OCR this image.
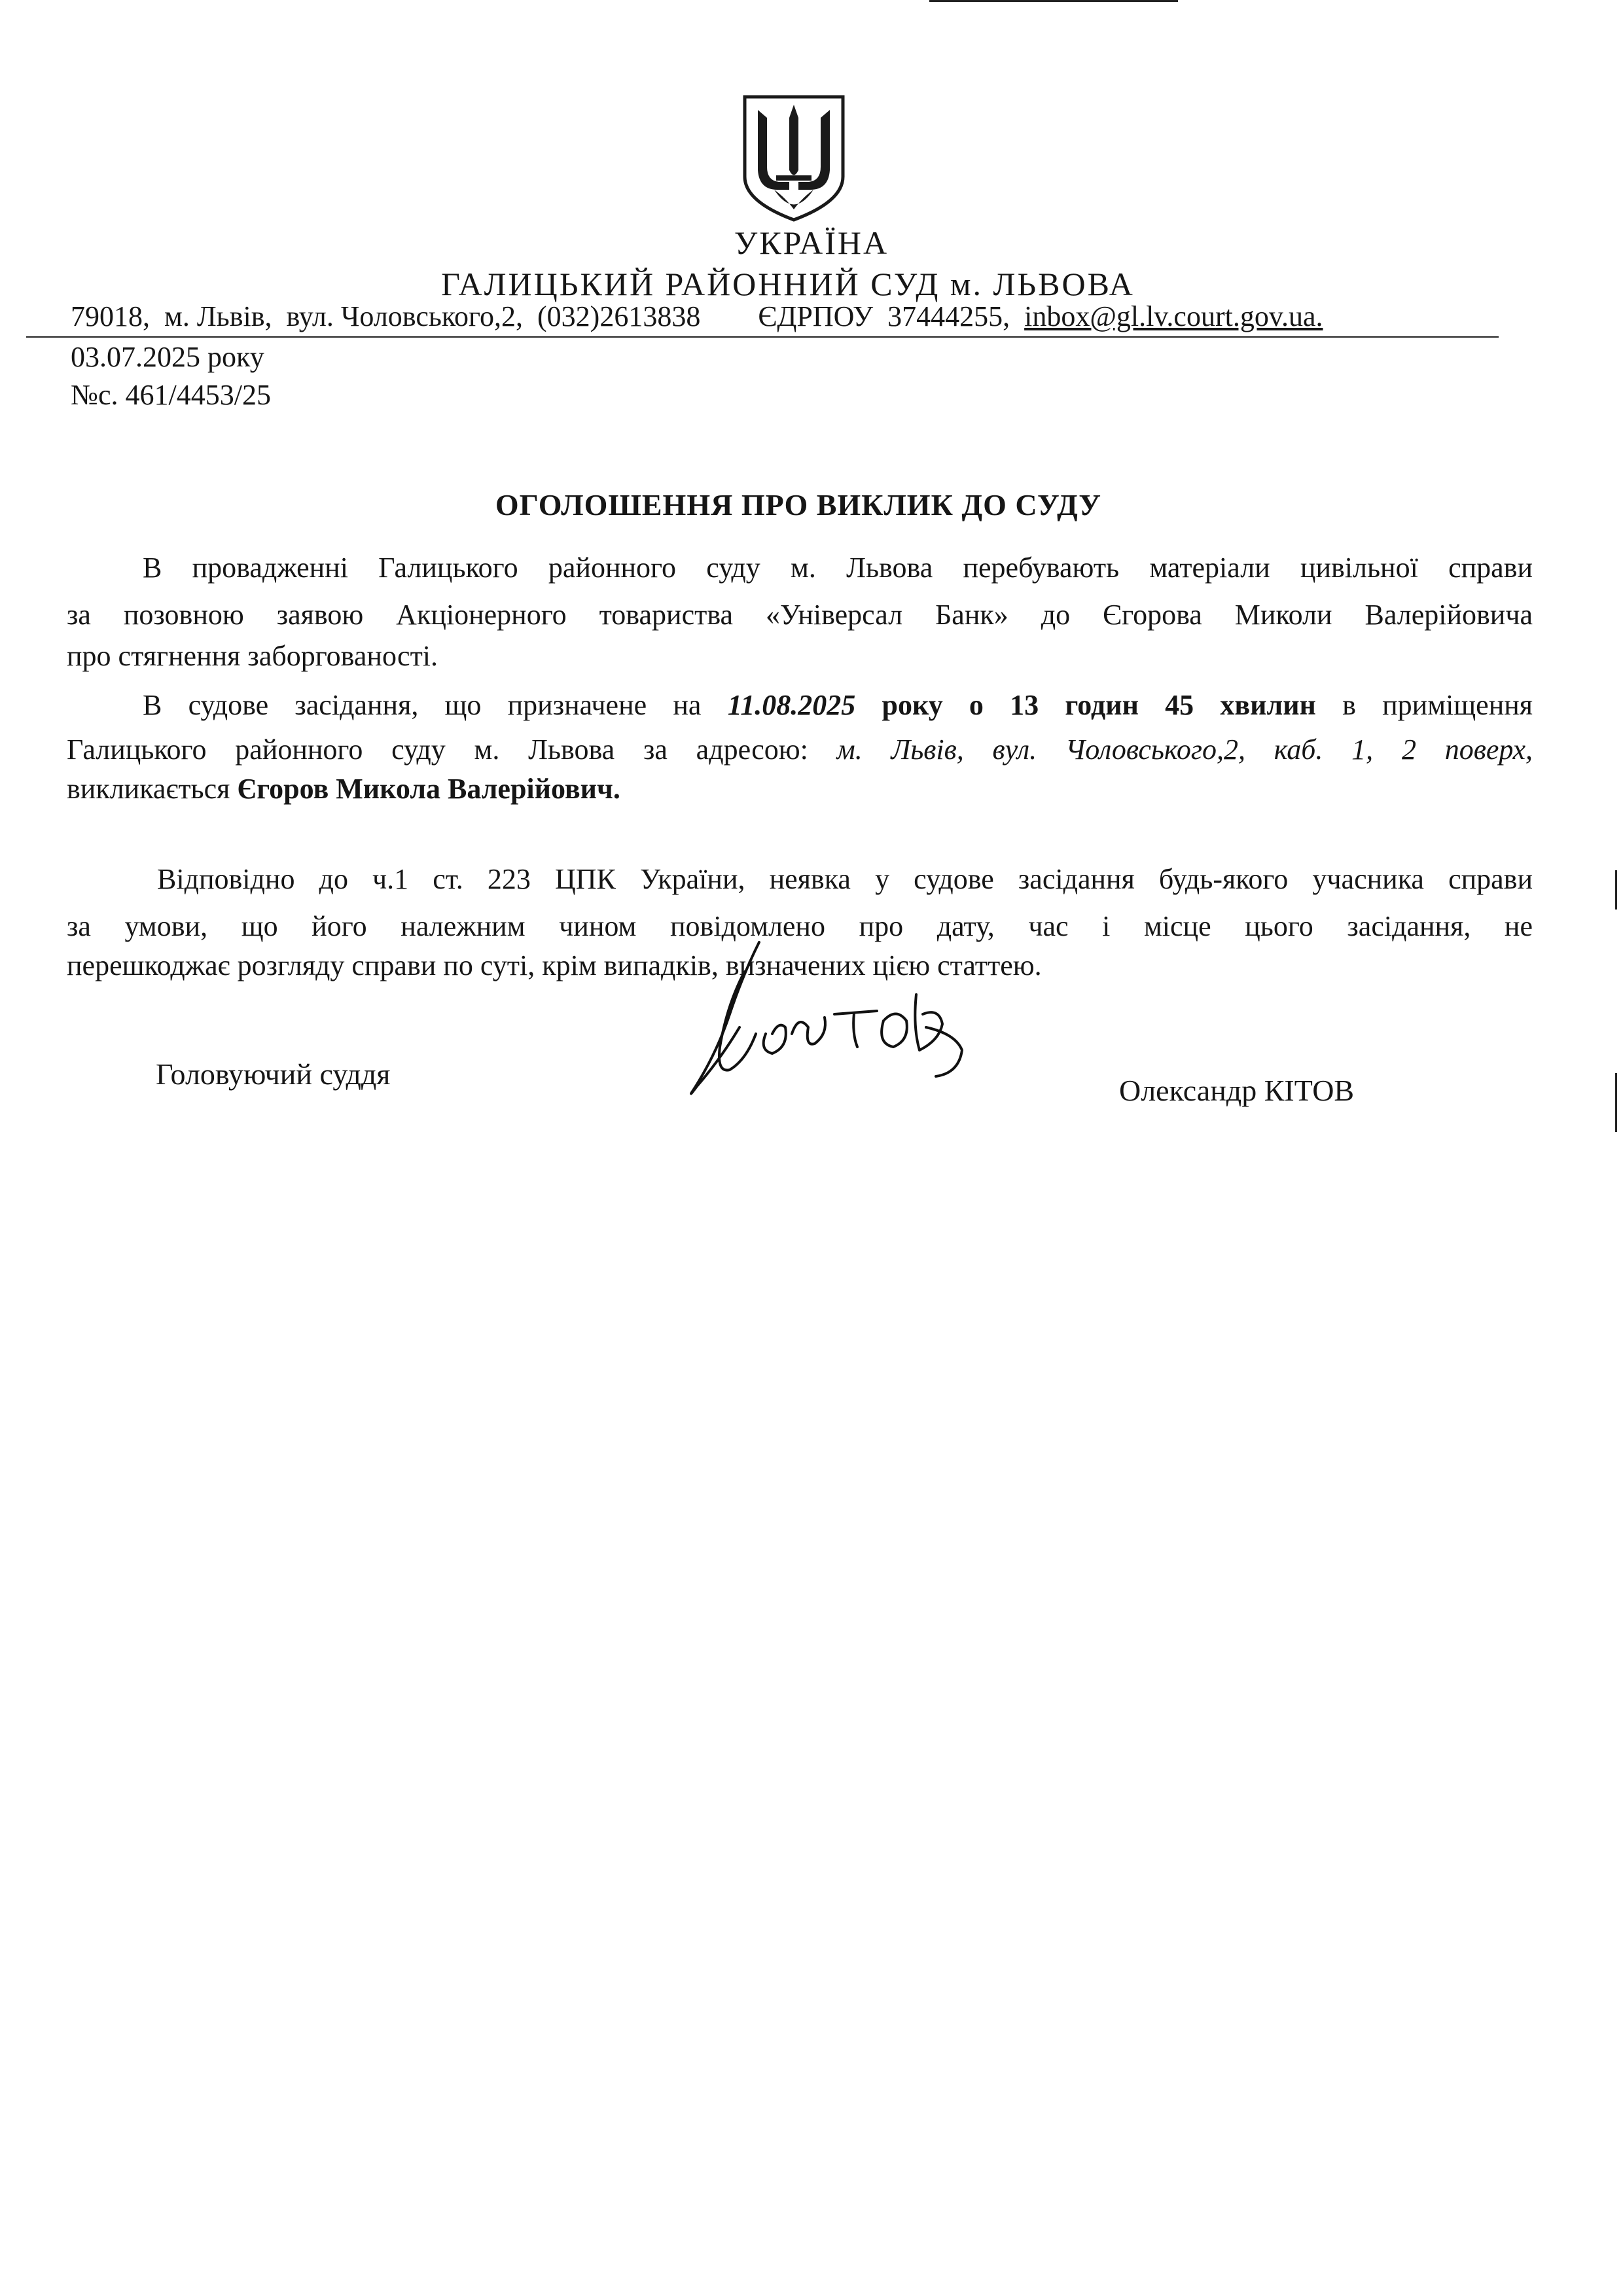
УКРАЇНА
ГАЛИЦЬКИЙ РАЙОННИЙ СУД м. ЛЬВОВА
79018, м. Львів, вул. Чоловського,2, (032)2613838 ЄДРПОУ 37444255, inbox@gl.lv.court.gov.ua.
03.07.2025 року
№с. 461/4453/25
ОГОЛОШЕННЯ ПРО ВИКЛИК ДО СУДУ
В провадженні Галицького районного суду м. Львова перебувають матеріали цивільної справи
за позовною заявою Акціонерного товариства «Універсал Банк» до Єгорова Миколи Валерійовича
про стягнення заборгованості.
В судове засідання, що призначене на 11.08.2025 року о 13 годин 45 хвилин в приміщення
Галицького районного суду м. Львова за адресою: м. Львів, вул. Чоловського,2, каб. 1, 2 поверх,
викликається Єгоров Микола Валерійович.
Відповідно до ч.1 ст. 223 ЦПК України, неявка у судове засідання будь-якого учасника справи
за умови, що його належним чином повідомлено про дату, час і місце цього засідання, не
перешкоджає розгляду справи по суті, крім випадків, визначених цією статтею.
Головуючий суддя	Олександр КІТОВ
